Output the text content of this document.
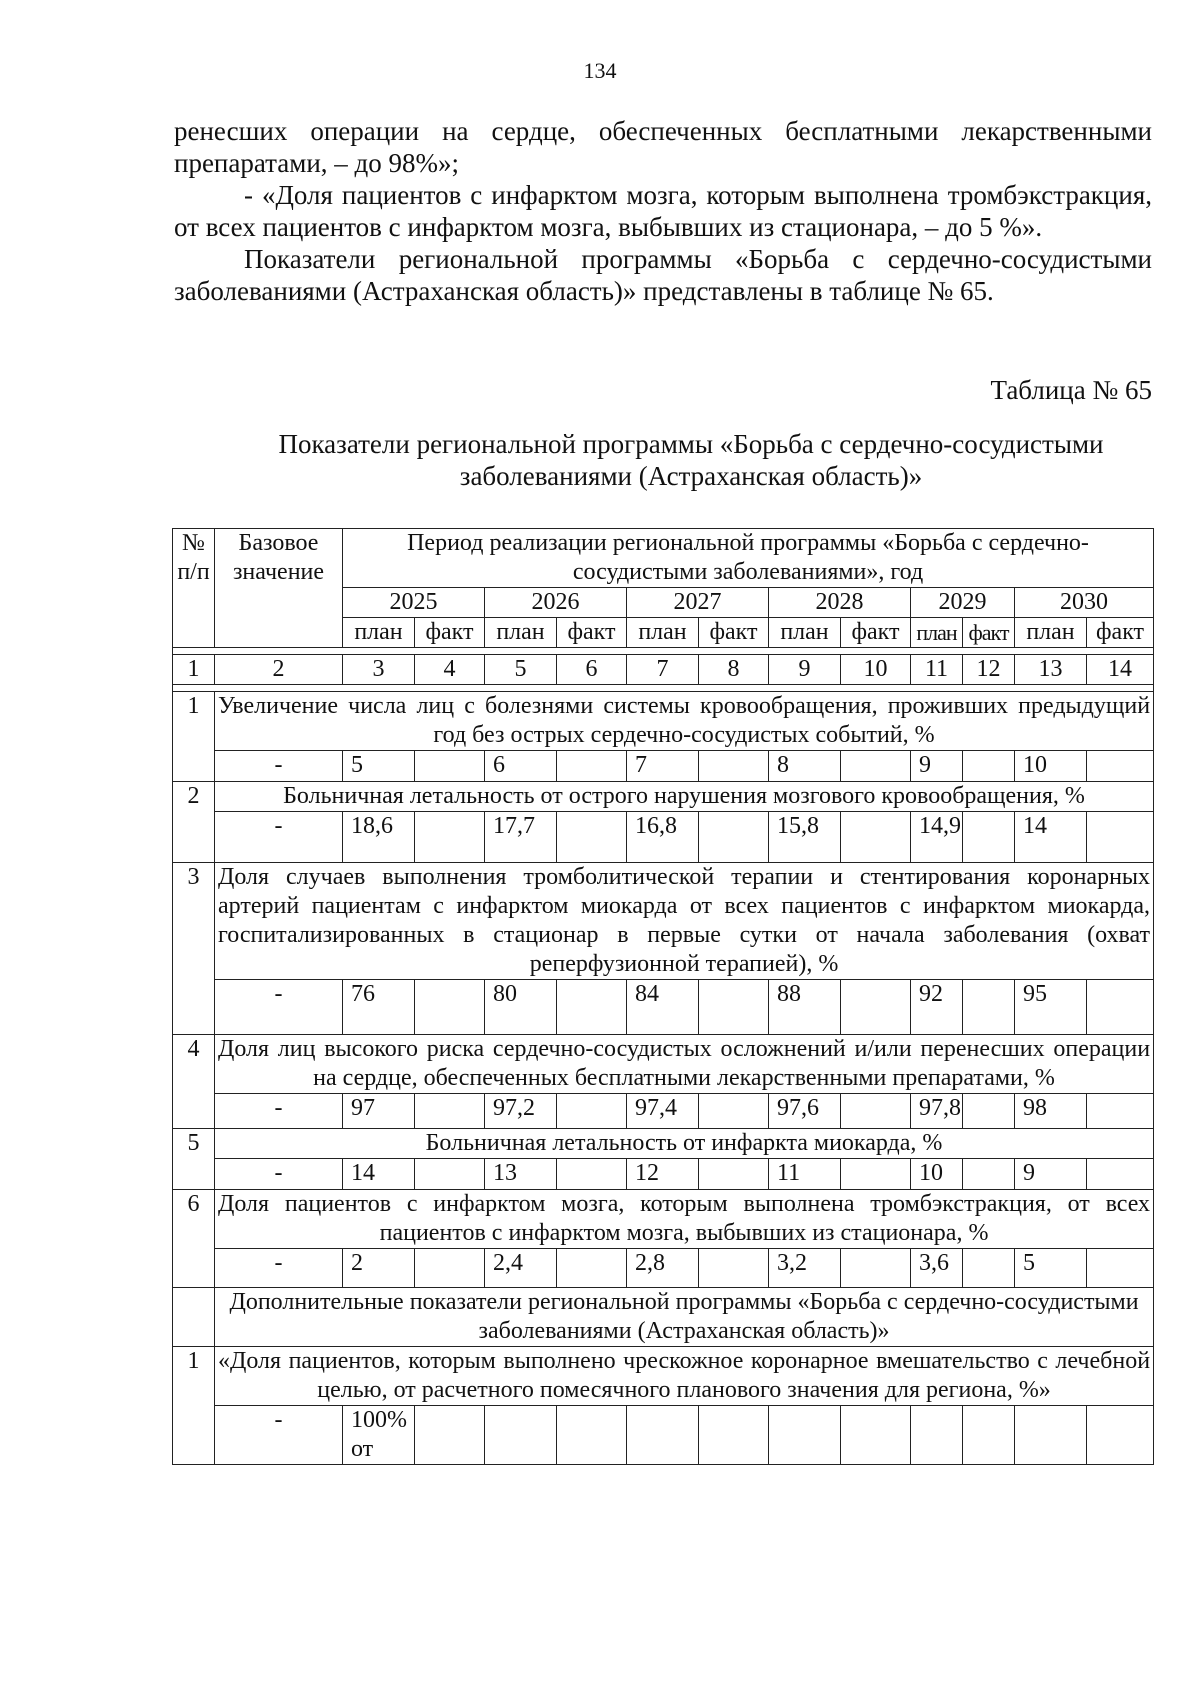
134

ренесших операции на сердце, обеспеченных бесплатными лекарственными препаратами, – до 98%»;

- «Доля пациентов с инфарктом мозга, которым выполнена тромбэкстракция, от всех пациентов с инфарктом мозга, выбывших из стационара, – до 5 %».

Показатели региональной программы «Борьба с сердечно-сосудистыми заболеваниями (Астраханская область)» представлены в таблице № 65.

Таблица № 65
Показатели региональной программы «Борьба с сердечно-сосудистыми заболеваниями (Астраханская область)»
№ п/п	Базовое значение	Период реализации региональной программы «Борьба с сердечно-сосудистыми заболеваниями», год											
		2025		2026		2027		2028		2029		2030	
		план	факт	план	факт	план	факт	план	факт	план	факт	план	факт

1	2	3	4	5	6	7	8	9	10	11	12	13	14

1	Увеличение числа лиц с болезнями системы кровообращения, проживших предыдущий год без острых сердечно-сосудистых событий, %												
	-	5		6		7		8		9		10	
2	Больничная летальность от острого нарушения мозгового кровообращения, %												
	-	18,6		17,7		16,8		15,8		14,9		14	
3	Доля случаев выполнения тромболитической терапии и стентирования коронарных артерий пациентам с инфарктом миокарда от всех пациентов с инфарктом миокарда, госпитализированных в стационар в первые сутки от начала заболевания (охват реперфузионной терапией), %												
	-	76		80		84		88		92		95	
4	Доля лиц высокого риска сердечно-сосудистых осложнений и/или перенесших операции на сердце, обеспеченных бесплатными лекарственными препаратами, %												
	-	97		97,2		97,4		97,6		97,8		98	
5	Больничная летальность от инфаркта миокарда, %												
	-	14		13		12		11		10		9	
6	Доля пациентов с инфарктом мозга, которым выполнена тромбэкстракция, от всех пациентов с инфарктом мозга, выбывших из стационара, %												
	-	2		2,4		2,8		3,2		3,6		5	
	Дополнительные показатели региональной программы «Борьба с сердечно-сосудистыми заболеваниями (Астраханская область)»												
1	«Доля пациентов, которым выполнено чрескожное коронарное вмешательство с лечебной целью, от расчетного помесячного планового значения для региона, %»												
	-	100% от											
